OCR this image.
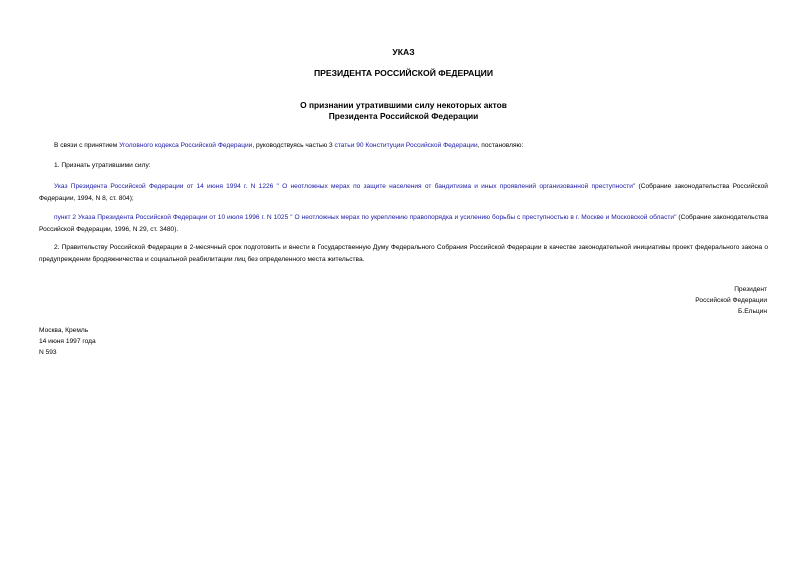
УКАЗ
ПРЕЗИДЕНТА РОССИЙСКОЙ ФЕДЕРАЦИИ
О признании утратившими силу некоторых актов
Президента Российской Федерации
В связи с принятием Уголовного кодекса Российской Федерации, руководствуясь частью 3 статьи 90 Конституции Российской Федерации, постановляю:
1. Признать утратившими силу:
Указ Президента Российской Федерации от 14 июня 1994 г. N 1226 " О неотложных мерах по защите населения от бандитизма и иных проявлений организованной преступности" (Собрание законодательства Российской Федерации, 1994, N 8, ст. 804);
пункт 2 Указа Президента Российской Федерации от 10 июля 1996 г. N 1025 " О неотложных мерах по укреплению правопорядка и усилению борьбы с преступностью в г. Москве и Московской области" (Собрание законодательства Российской Федерации, 1996, N 29, ст. 3480).
2. Правительству Российской Федерации в 2-месячный срок подготовить и внести в Государственную Думу Федерального Собрания Российской Федерации в качестве законодательной инициативы проект федерального закона о предупреждении бродяжничества и социальной реабилитации лиц без определенного места жительства.
Президент
Российской Федерации
Б.Ельцин
Москва, Кремль
14 июня 1997 года
N 593
